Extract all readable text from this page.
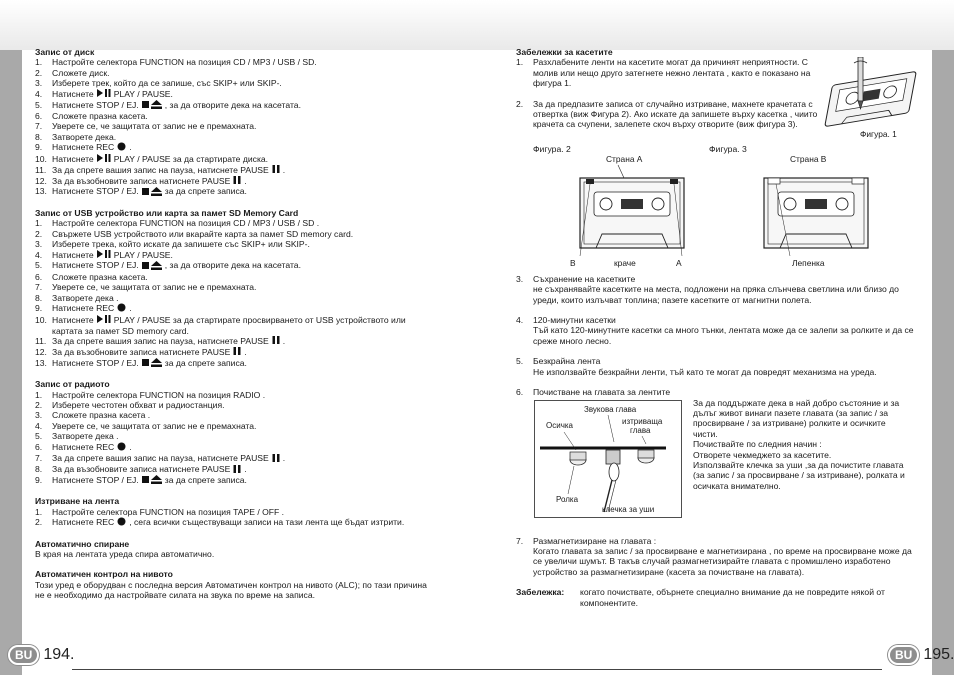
Запис от диск

1.	Настройте селектора FUNCTION на позиция CD / MP3 / USB / SD.
2.	Сложете диск.
3.	Изберете трек, който да се запише, със SKIP+ или SKIP-.
4.	Натиснете PLAY / PAUSE.
5.	Натиснете STOP / EJ.	, за да отворите дека на касетата.
6.	Сложете празна касета.
7.	Уверете се, че защитата от запис не е премахната.
8.	Затворете дека.
9.	Натиснете REC .
10. Натиснете PLAY / PAUSE за да стартирате диска.
11. За да спрете вашия запис на пауза, натиснете PAUSE .
12. За да възобновите записа натиснете PAUSE .
13. Натиснете STOP / EJ.	за да спрете записа.

Запис от USB устройство или карта за памет SD Memory Card

1.	Настройте селектора FUNCTION на позиция CD / MP3 / USB / SD .
2.	Свържете USB устройството или вкарайте карта за памет SD memory card.
3.	Изберете трека, който искате да запишете със SKIP+ или SKIP-.
4.	Натиснете PLAY / PAUSE.
5.	Натиснете STOP / EJ.	, за да отворите дека на касетата.
6.	Сложете празна касета.
7.	Уверете се, че защитата от запис не е премахната.
8.	Затворете дека .
9.	Натиснете REC .
10. Натиснете PLAY / PAUSE за да стартирате просвирването от USB устройството или картата за памет SD memory card.
11. За да спрете вашия запис на пауза, натиснете PAUSE .
12. За да възобновите записа натиснете PAUSE .
13. Натиснете STOP / EJ.	за да спрете записа.

Запис от радиото

1.	Настройте селектора FUNCTION на позиция RADIO .
2.	Изберете честотен обхват и радиостанция.
3.	Сложете празна касета .
4.	Уверете се, че защитата от запис не е премахната.
5.	Затворете дека .
6.	Натиснете REC .
7.	За да спрете вашия запис на пауза, натиснете PAUSE .
8.	За да възобновите записа натиснете PAUSE .
9.	Натиснете STOP / EJ.	за да спрете записа.

Изтриване на лента

1.	Настройте селектора FUNCTION на позиция TAPE / OFF .
2.	Натиснете REC , сега всички съществуващи записи на тази лента ще бъдат изтрити.

Автоматично спиране

В края на лентата уреда спира автоматично.

Автоматичен контрол на нивото

Този уред е оборудван с последна версия Автоматичен контрол на нивото (ALC); по тази причина не е необходимо да настройвате силата на звука по време на записа.

BU 194.

Забележки за касетите

1.	Разхлабените ленти на касетите могат да причинят неприятности. С молив или нещо друго затегнете нежно лентата , както е показано на фигура 1.
2.	За да предпазите записа от случайно изтриване, махнете крачетата с отвертка (виж Фигура 2). Ако искате да запишете върху касетка , чиито крачета са счупени, залепете скоч върху отворите (виж фигура 3).
Фигура. 1
Фигура. 2	Фигура. 3
Страна А
B	краче	А
Страна В
Лепенка
3.	Съхранение на касетките

не съхранявайте касетките на места, подложени на пряка слънчева светлина или близо до уреди, които излъчват топлина; пазете касетките от магнитни полета.

4.	120-минутни касетки

Тъй като 120-минутните касетки са много тънки, лентата може да се залепи за ролките и да се среже много лесно.

5.	Безкрайна лента

Не използвайте безкрайни ленти, тъй като те могат да повредят механизма на уреда.

6.	Почистване на главата за лентите
Звукова глава
изтриваща
глава
Осичка
Ролка
клечка за уши
За да поддържате дека в най добро състояние и за
дълъг живот винаги пазете главата (за запис / за
просвирване / за изтриване) ролките и осичките
чисти.
Почиствайте по следния начин :
Отворете чекмеджето за касетите.
Използвайте клечка за уши ,за да почистите главата
(за запис / за просвирване / за изтриване), ролката и
осичката внимателно.
7.	Размагнетизиране на главата :

Когато главата за запис / за просвирване е магнетизирана , по време на просвирване може да се увеличи шумът. В такъв случай размагнетизирайте главата с промишлено изработено устройство за размагнетизиране (касета за почистване на главата).

Забележка:	когато почиствате, обърнете специално внимание да не повредите някой от компонентите.
BU 195.
